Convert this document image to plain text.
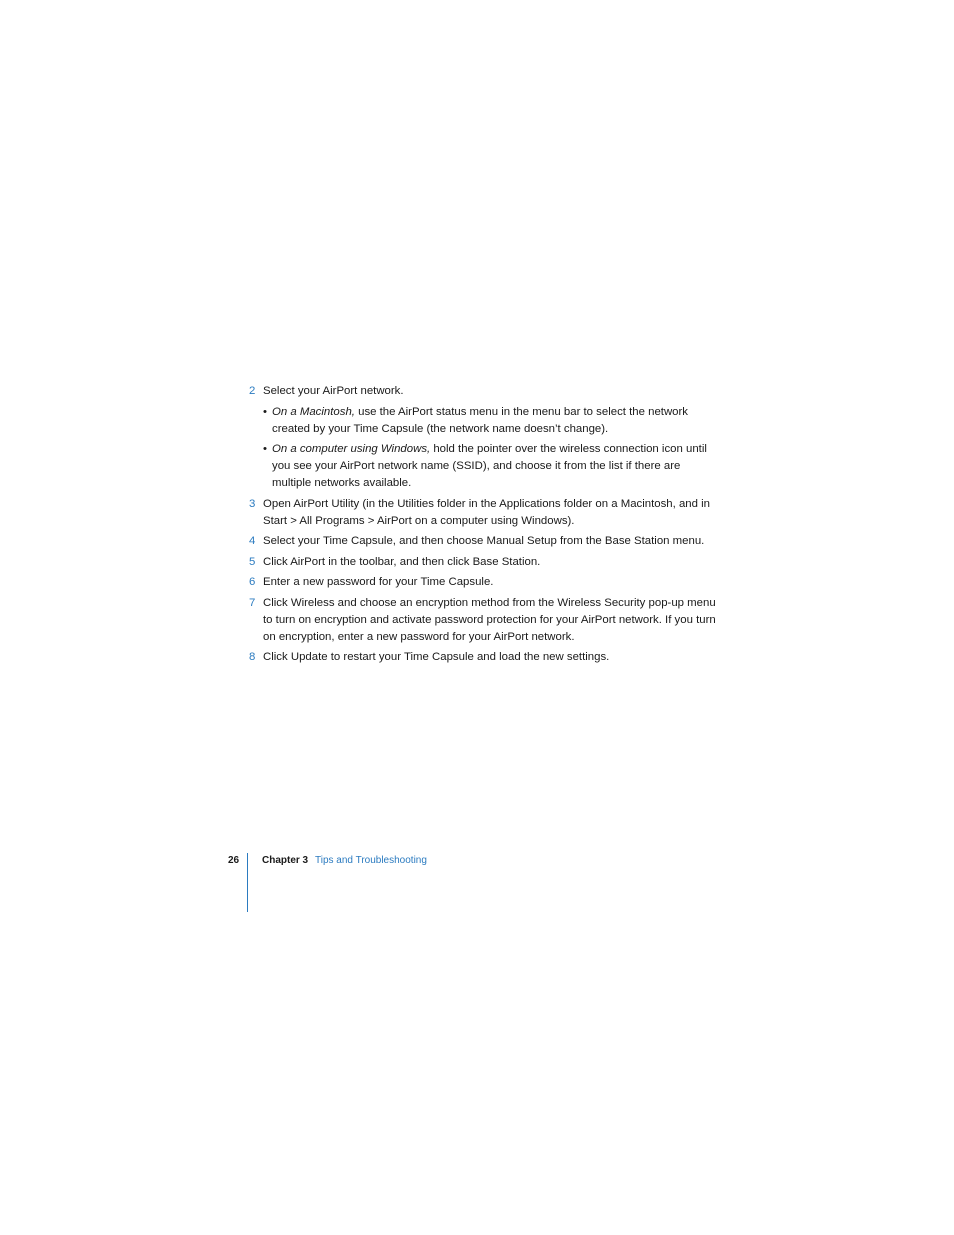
2 Select your AirPort network.
• On a Macintosh, use the AirPort status menu in the menu bar to select the network created by your Time Capsule (the network name doesn’t change).
• On a computer using Windows, hold the pointer over the wireless connection icon until you see your AirPort network name (SSID), and choose it from the list if there are multiple networks available.
3 Open AirPort Utility (in the Utilities folder in the Applications folder on a Macintosh, and in Start > All Programs > AirPort on a computer using Windows).
4 Select your Time Capsule, and then choose Manual Setup from the Base Station menu.
5 Click AirPort in the toolbar, and then click Base Station.
6 Enter a new password for your Time Capsule.
7 Click Wireless and choose an encryption method from the Wireless Security pop-up menu to turn on encryption and activate password protection for your AirPort network. If you turn on encryption, enter a new password for your AirPort network.
8 Click Update to restart your Time Capsule and load the new settings.
26 Chapter 3 Tips and Troubleshooting
